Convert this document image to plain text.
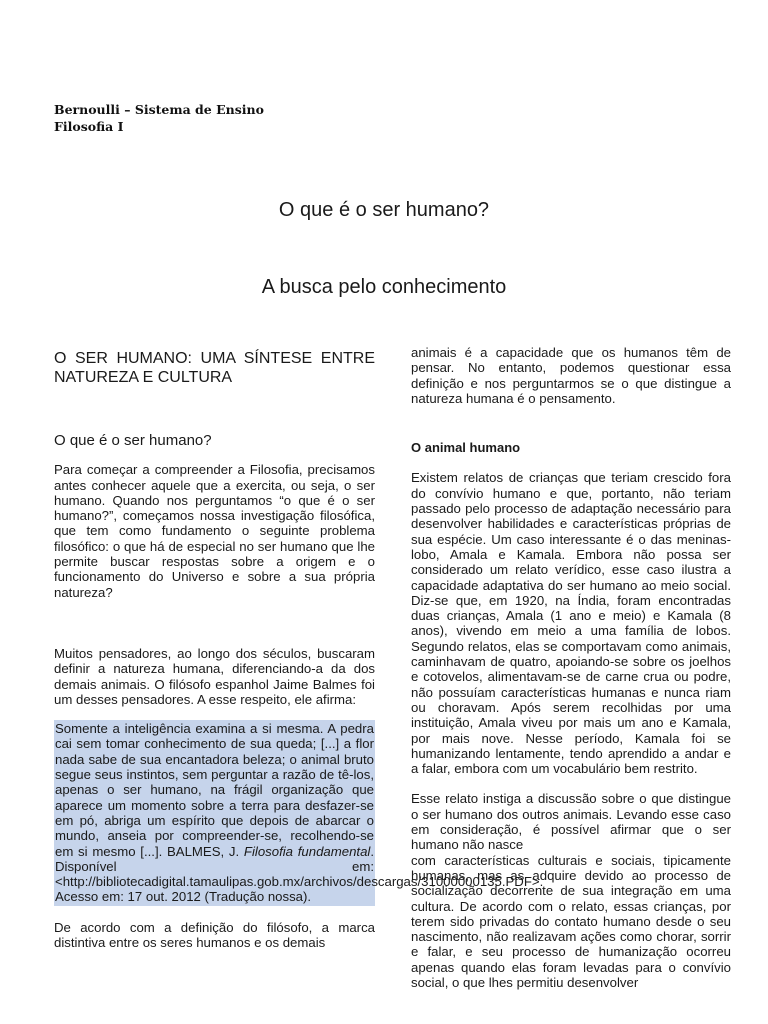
Bernoulli – Sistema de Ensino
Filosofia I
O que é o ser humano?
A busca pelo conhecimento

O SER HUMANO: UMA SÍNTESE ENTRE NATUREZA E CULTURA

O que é o ser humano?

Para começar a compreender a Filosofia, precisamos antes conhecer aquele que a exercita, ou seja, o ser humano. Quando nos perguntamos “o que é o ser humano?”, começamos nossa investigação filosófica, que tem como fundamento o seguinte problema filosófico: o que há de especial no ser humano que lhe permite buscar respostas sobre a origem e o funcionamento do Universo e sobre a sua própria natureza?

Muitos pensadores, ao longo dos séculos, buscaram definir a natureza humana, diferenciando-a da dos demais animais. O filósofo espanhol Jaime Balmes foi um desses pensadores. A esse respeito, ele afirma:

Somente a inteligência examina a si mesma. A pedra cai sem tomar conhecimento de sua queda; [...] a flor nada sabe de sua encantadora beleza; o animal bruto segue seus instintos, sem perguntar a razão de tê-los, apenas o ser humano, na frágil organização que aparece um momento sobre a terra para desfazer-se em pó, abriga um espírito que depois de abarcar o mundo, anseia por compreender-se, recolhendo-se em si mesmo [...]. BALMES, J. Filosofia fundamental. Disponível em: <http://bibliotecadigital.tamaulipas.gob.mx/archivos/descargas/31000000135.PDF>. Acesso em: 17 out. 2012 (Tradução nossa).

De acordo com a definição do filósofo, a marca distintiva entre os seres humanos e os demais

animais é a capacidade que os humanos têm de pensar. No entanto, podemos questionar essa definição e nos perguntarmos se o que distingue a natureza humana é o pensamento.

O animal humano

Existem relatos de crianças que teriam crescido fora do convívio humano e que, portanto, não teriam passado pelo processo de adaptação necessário para desenvolver habilidades e características próprias de sua espécie. Um caso interessante é o das meninas-lobo, Amala e Kamala. Embora não possa ser considerado um relato verídico, esse caso ilustra a capacidade adaptativa do ser humano ao meio social. Diz-se que, em 1920, na Índia, foram encontradas duas crianças, Amala (1 ano e meio) e Kamala (8 anos), vivendo em meio a uma família de lobos. Segundo relatos, elas se comportavam como animais, caminhavam de quatro, apoiando-se sobre os joelhos e cotovelos, alimentavam-se de carne crua ou podre, não possuíam características humanas e nunca riam ou choravam. Após serem recolhidas por uma instituição, Amala viveu por mais um ano e Kamala, por mais nove. Nesse período, Kamala foi se humanizando lentamente, tendo aprendido a andar e a falar, embora com um vocabulário bem restrito.

Esse relato instiga a discussão sobre o que distingue o ser humano dos outros animais. Levando esse caso em consideração, é possível afirmar que o ser humano não nasce

com características culturais e sociais, tipicamente humanas, mas as adquire devido ao processo de socialização decorrente de sua integração em uma cultura. De acordo com o relato, essas crianças, por terem sido privadas do contato humano desde o seu nascimento, não realizavam ações como chorar, sorrir e falar, e seu processo de humanização ocorreu apenas quando elas foram levadas para o convívio social, o que lhes permitiu desenvolver
